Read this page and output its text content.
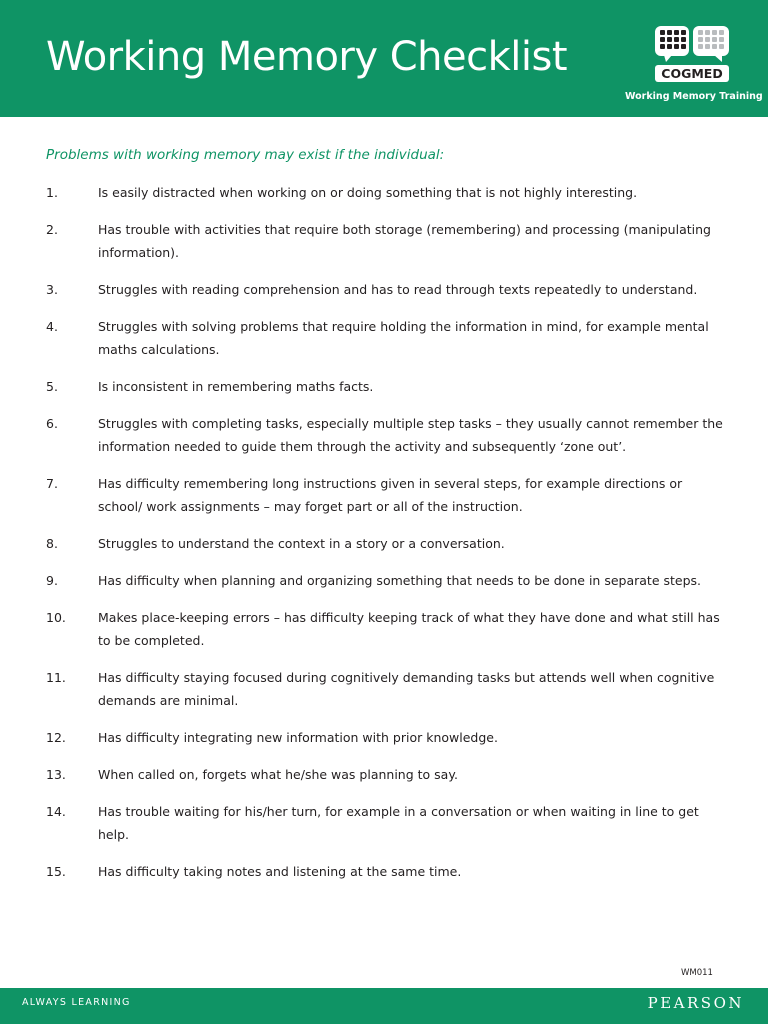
Working Memory Checklist	COGMED
Working Memory Training
Problems with working memory may exist if the individual:
1.	Is easily distracted when working on or doing something that is not highly interesting.
2.	Has trouble with activities that require both storage (remembering) and processing (manipulating information).
3.	Struggles with reading comprehension and has to read through texts repeatedly to understand.
4.	Struggles with solving problems that require holding the information in mind, for example mental maths calculations.
5.	Is inconsistent in remembering maths facts.
6.	Struggles with completing tasks, especially multiple step tasks – they usually cannot remember the information needed to guide them through the activity and subsequently ‘zone out’.
7.	Has difficulty remembering long instructions given in several steps, for example directions or school/ work assignments – may forget part or all of the instruction.
8.	Struggles to understand the context in a story or a conversation.
9.	Has difficulty when planning and organizing something that needs to be done in separate steps.
10.	Makes place-keeping errors – has difficulty keeping track of what they have done and what still has to be completed.
11.	Has difficulty staying focused during cognitively demanding tasks but attends well when cognitive demands are minimal.
12.	Has difficulty integrating new information with prior knowledge.
13.	When called on, forgets what he/she was planning to say.
14.	Has trouble waiting for his/her turn, for example in a conversation or when waiting in line to get help.
15.	Has difficulty taking notes and listening at the same time.
WM011
ALWAYS LEARNING	PEARSON
